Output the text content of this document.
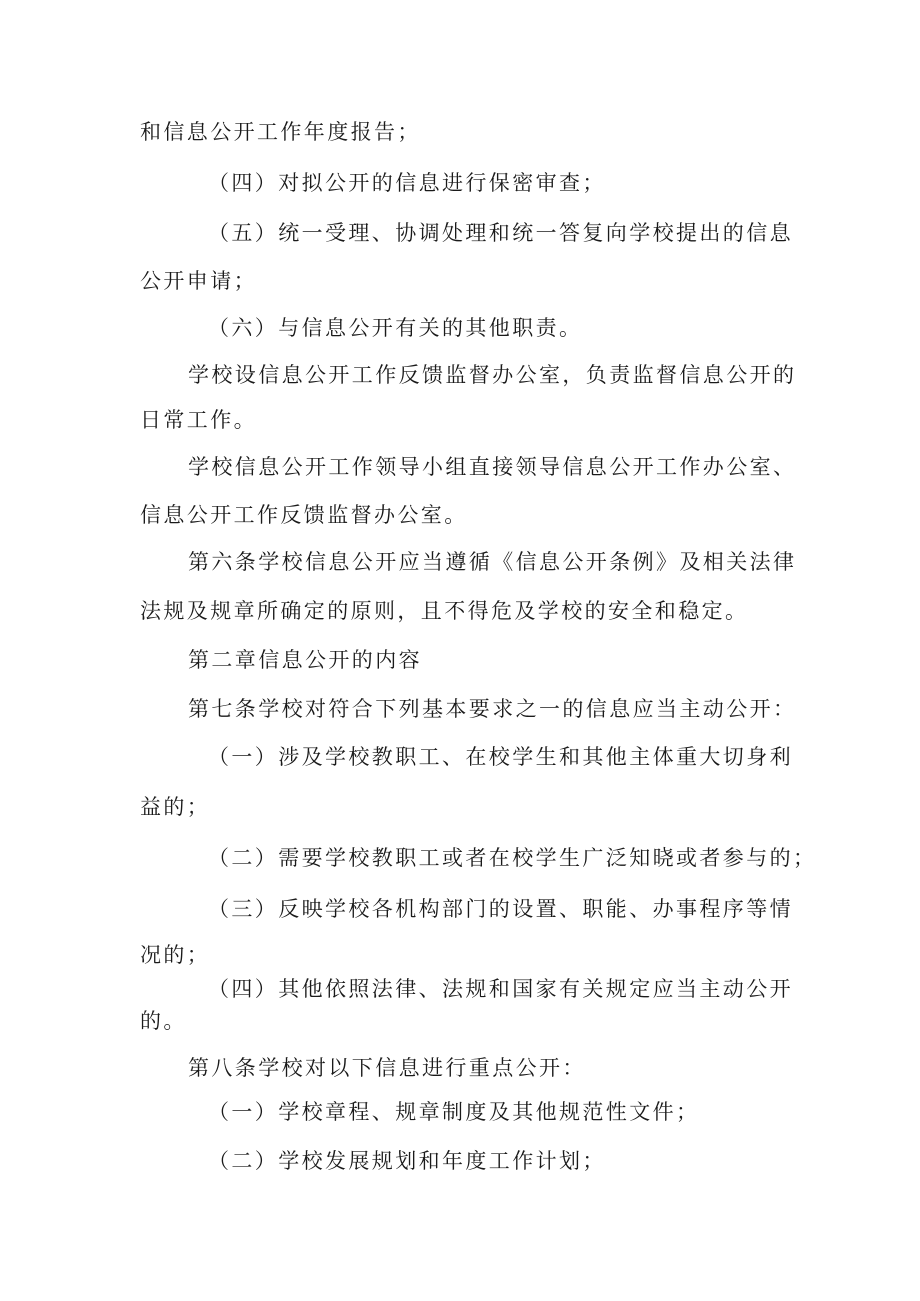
和信息公开工作年度报告；
（四）对拟公开的信息进行保密审查；
（五）统一受理、协调处理和统一答复向学校提出的信息
公开申请；
（六）与信息公开有关的其他职责。
学校设信息公开工作反馈监督办公室，负责监督信息公开的
日常工作。
学校信息公开工作领导小组直接领导信息公开工作办公室、
信息公开工作反馈监督办公室。
第六条学校信息公开应当遵循《信息公开条例》及相关法律
法规及规章所确定的原则，且不得危及学校的安全和稳定。
第二章信息公开的内容
第七条学校对符合下列基本要求之一的信息应当主动公开：
（一）涉及学校教职工、在校学生和其他主体重大切身利
益的；
（二）需要学校教职工或者在校学生广泛知晓或者参与的；
（三）反映学校各机构部门的设置、职能、办事程序等情
况的；
（四）其他依照法律、法规和国家有关规定应当主动公开
的。
第八条学校对以下信息进行重点公开：
（一）学校章程、规章制度及其他规范性文件；
（二）学校发展规划和年度工作计划；
